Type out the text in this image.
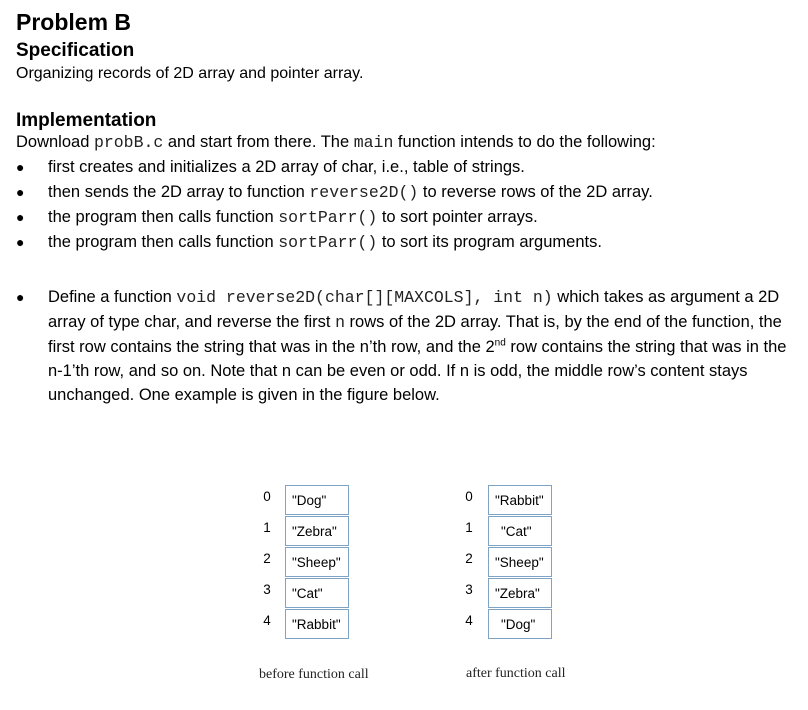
Problem B
Specification
Organizing records of 2D array and pointer array.
Implementation
Download probB.c and start from there. The main function intends to do the following:
● first creates and initializes a 2D array of char, i.e., table of strings.
● then sends the 2D array to function reverse2D() to reverse rows of the 2D array.
● the program then calls function sortParr() to sort pointer arrays.
● the program then calls function sortParr() to sort its program arguments.
● Define a function void reverse2D(char[][MAXCOLS], int n) which takes as argument a 2D array of type char, and reverse the first n rows of the 2D array. That is, by the end of the function, the first row contains the string that was in the n’th row, and the 2nd row contains the string that was in the n-1’th row, and so on. Note that n can be even or odd. If n is odd, the middle row’s content stays unchanged. One example is given in the figure below.
0
1
2
3
4
"Dog"
"Zebra"
"Sheep"
"Cat"
"Rabbit"
0
1
2
3
4
"Rabbit"
"Cat"
"Sheep"
"Zebra"
"Dog"
before function call	after function call
